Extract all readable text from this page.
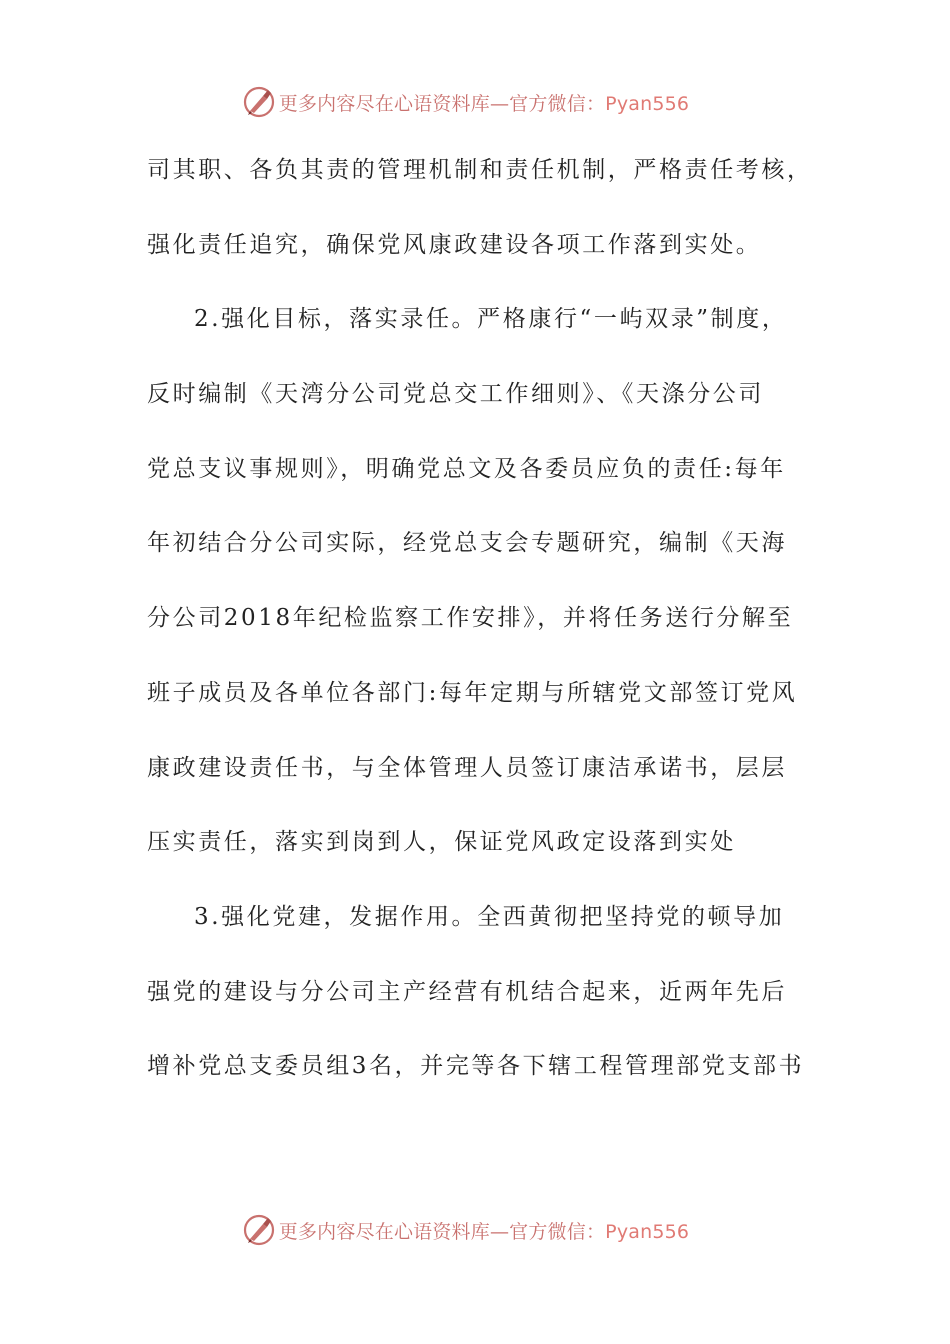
更多内容尽在心语资料库—官方微信：Pyan556
司其职、各负其责的管理机制和责任机制，严格责任考核，
强化责任追究，确保党风康政建设各项工作落到实处。
2.强化目标，落实录任。严格康行“一屿双录”制度，
反时编制《天湾分公司党总交工作细则》、《天涤分公司
党总支议事规则》，明确党总文及各委员应负的责任:每年
年初结合分公司实际，经党总支会专题研究，编制《天海
分公司2018年纪检监察工作安排》，并将任务送行分解至
班子成员及各单位各部门:每年定期与所辖党文部签订党风
康政建设责任书，与全体管理人员签订康洁承诺书，层层
压实责任，落实到岗到人，保证党风政定设落到实处
3.强化党建，发据作用。全西黄彻把坚持党的顿导加
强党的建设与分公司主产经营有机结合起来，近两年先后
增补党总支委员组3名，并完等各下辖工程管理部党支部书
更多内容尽在心语资料库—官方微信：Pyan556
